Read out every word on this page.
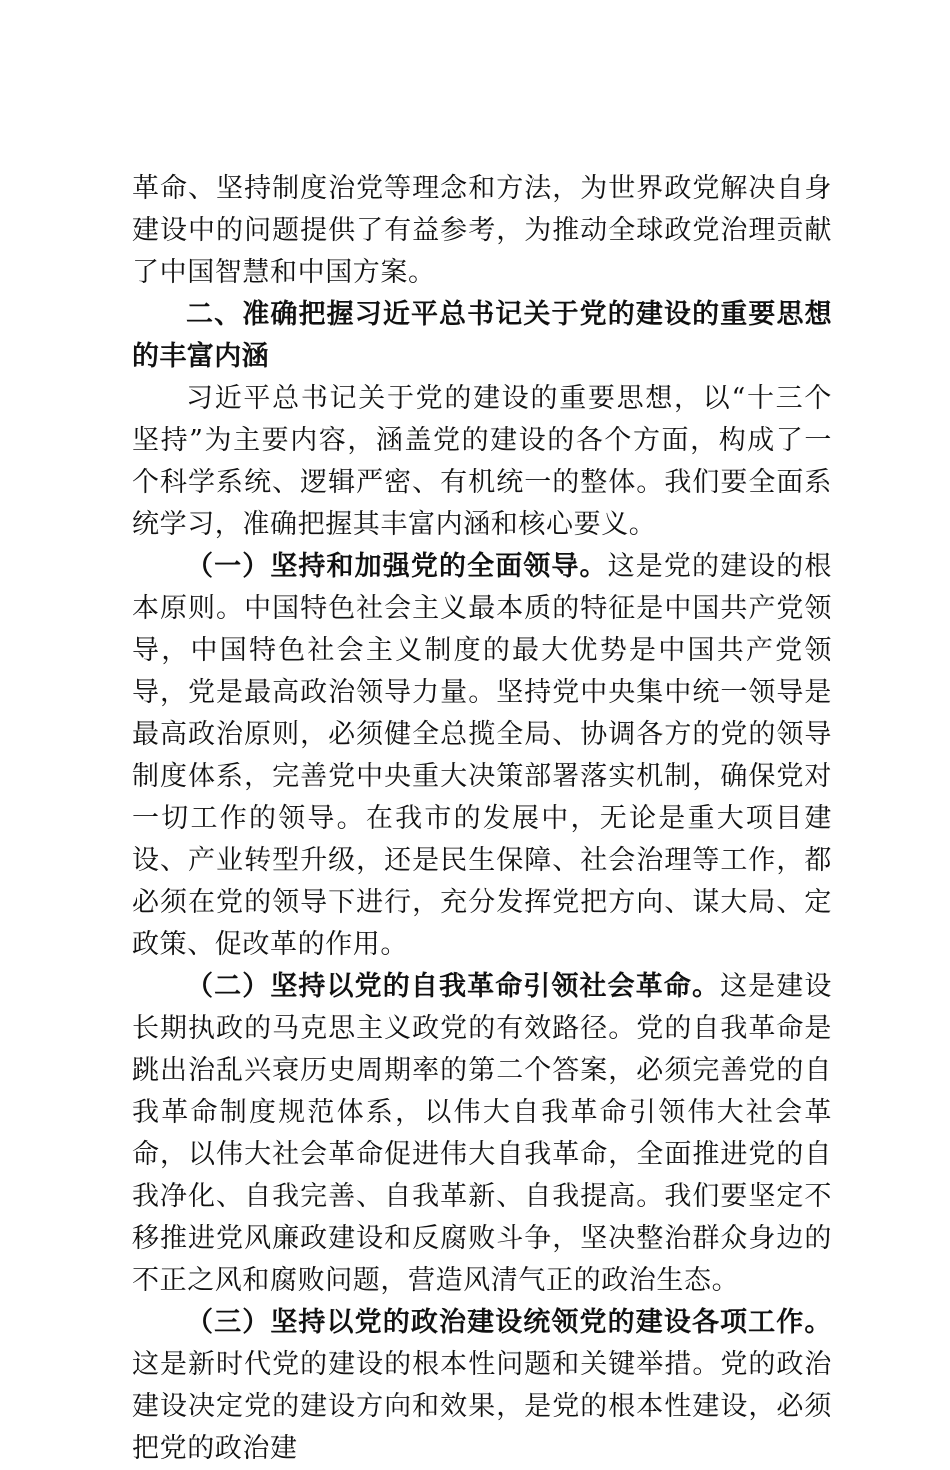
革命、坚持制度治党等理念和方法，为世界政党解决自身建设中的问题提供了有益参考，为推动全球政党治理贡献了中国智慧和中国方案。

二、准确把握习近平总书记关于党的建设的重要思想的丰富内涵

习近平总书记关于党的建设的重要思想，以“十三个坚持”为主要内容，涵盖党的建设的各个方面，构成了一个科学系统、逻辑严密、有机统一的整体。我们要全面系统学习，准确把握其丰富内涵和核心要义。

（一）坚持和加强党的全面领导。这是党的建设的根本原则。中国特色社会主义最本质的特征是中国共产党领导，中国特色社会主义制度的最大优势是中国共产党领导，党是最高政治领导力量。坚持党中央集中统一领导是最高政治原则，必须健全总揽全局、协调各方的党的领导制度体系，完善党中央重大决策部署落实机制，确保党对一切工作的领导。在我市的发展中，无论是重大项目建设、产业转型升级，还是民生保障、社会治理等工作，都必须在党的领导下进行，充分发挥党把方向、谋大局、定政策、促改革的作用。

（二）坚持以党的自我革命引领社会革命。这是建设长期执政的马克思主义政党的有效路径。党的自我革命是跳出治乱兴衰历史周期率的第二个答案，必须完善党的自我革命制度规范体系，以伟大自我革命引领伟大社会革命，以伟大社会革命促进伟大自我革命，全面推进党的自我净化、自我完善、自我革新、自我提高。我们要坚定不移推进党风廉政建设和反腐败斗争，坚决整治群众身边的不正之风和腐败问题，营造风清气正的政治生态。

（三）坚持以党的政治建设统领党的建设各项工作。这是新时代党的建设的根本性问题和关键举措。党的政治建设决定党的建设方向和效果，是党的根本性建设，必须把党的政治建
